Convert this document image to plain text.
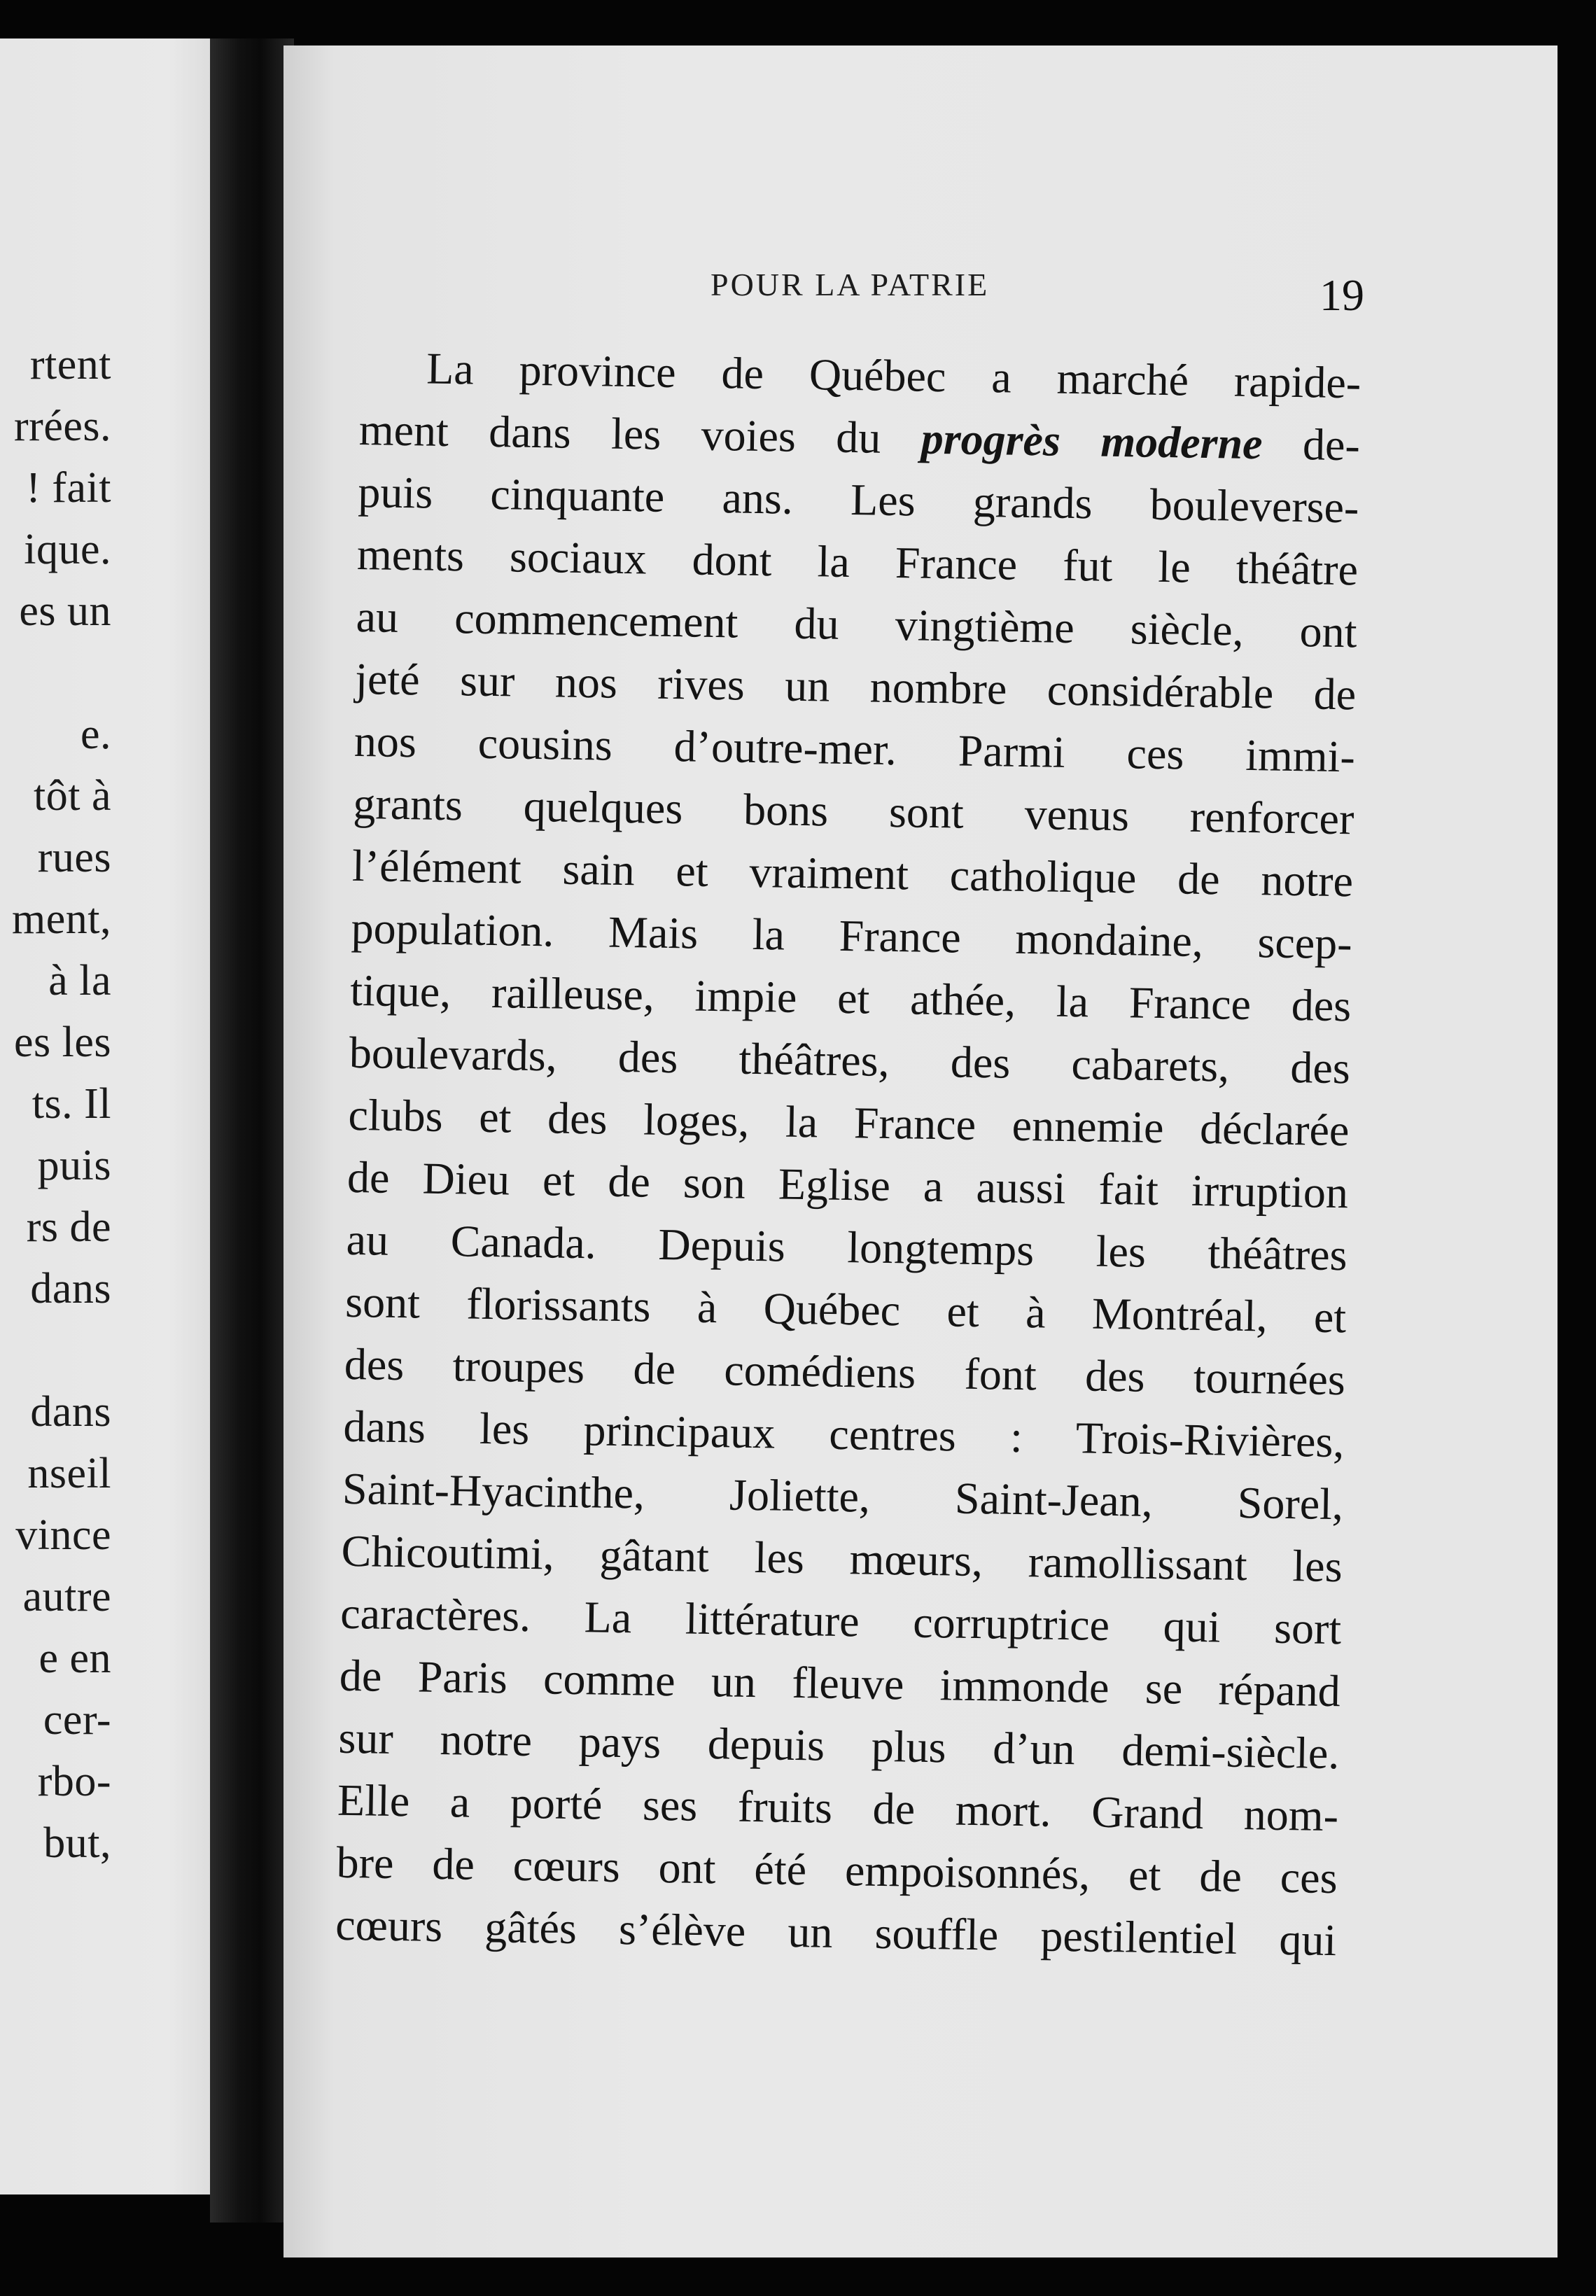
rtent
rrées.
! fait
ique.
es un
e.
tôt à
rues
ment,
à la
es les
ts. Il
puis
rs de
dans
dans
nseil
vince
autre
e en
cer-
rbo-
but,
POUR LA PATRIE	19
La province de Québec a marché rapide-
ment dans les voies du progrès moderne de-
puis cinquante ans. Les grands bouleverse-
ments sociaux dont la France fut le théâtre
au commencement du vingtième siècle, ont
jeté sur nos rives un nombre considérable de
nos cousins d’outre-mer. Parmi ces immi-
grants quelques bons sont venus renforcer
l’élément sain et vraiment catholique de notre
population. Mais la France mondaine, scep-
tique, railleuse, impie et athée, la France des
boulevards, des théâtres, des cabarets, des
clubs et des loges, la France ennemie déclarée
de Dieu et de son Eglise a aussi fait irruption
au Canada. Depuis longtemps les théâtres
sont florissants à Québec et à Montréal, et
des troupes de comédiens font des tournées
dans les principaux centres : Trois-Rivières,
Saint-Hyacinthe, Joliette, Saint-Jean, Sorel,
Chicoutimi, gâtant les mœurs, ramollissant les
caractères. La littérature corruptrice qui sort
de Paris comme un fleuve immonde se répand
sur notre pays depuis plus d’un demi-siècle.
Elle a porté ses fruits de mort. Grand nom-
bre de cœurs ont été empoisonnés, et de ces
cœurs gâtés s’élève un souffle pestilentiel qui
